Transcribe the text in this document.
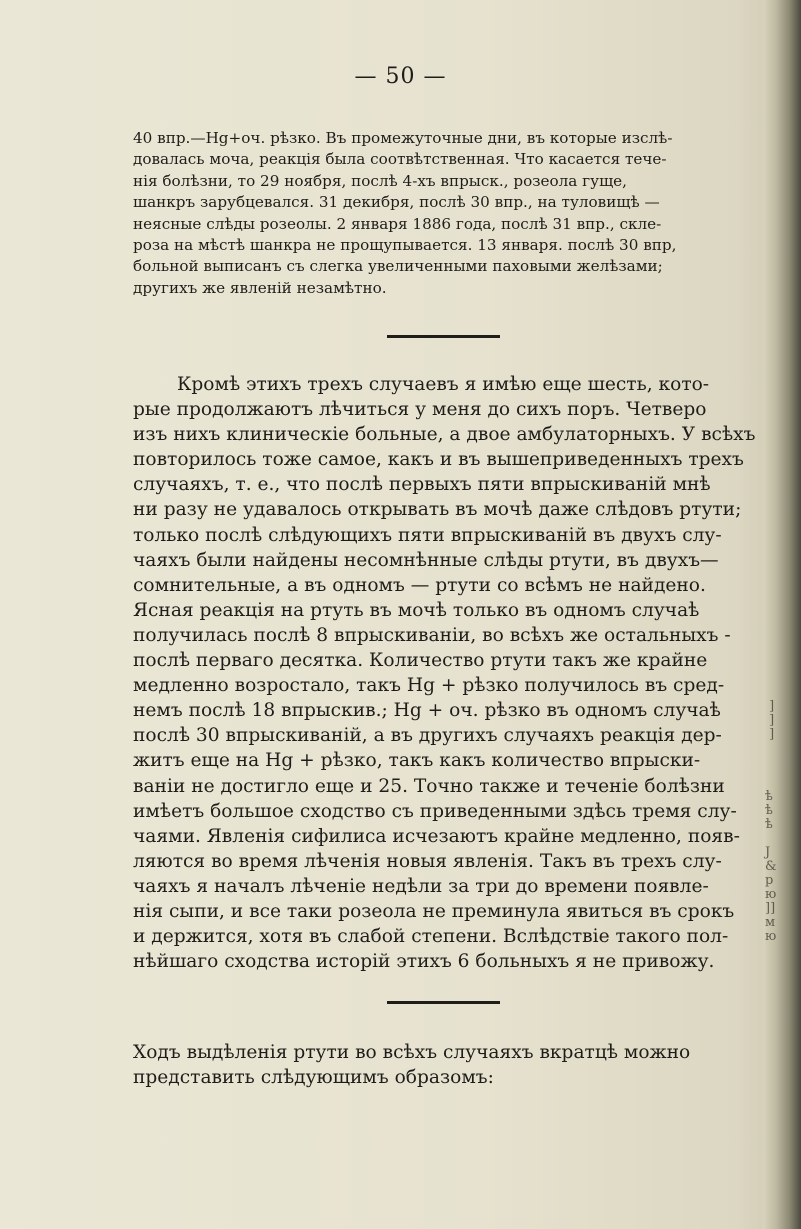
]
]
]
ѣ
ѣ
ѣ

Ј
&
р
ю
]]
м
ю
— 50 —
40 впр.—Hg+оч. рѣзко. Въ промежуточные дни, въ которые изслѣ-
довалась моча, реакція была соотвѣтственная. Что касается тече-
нія болѣзни, то 29 ноября, послѣ 4-хъ впрыск., розеола гуще,
шанкръ зарубцевался. 31 декибря, послѣ 30 впр., на туловищѣ —
неясные слѣды розеолы. 2 января 1886 года, послѣ 31 впр., скле-
роза на мѣстѣ шанкра не прощупывается. 13 января. послѣ 30 впр,
больной выписанъ съ слегка увеличенными паховыми желѣзами;
другихъ же явленій незамѣтно.
Кромѣ этихъ трехъ случаевъ я имѣю еще шесть, кото-
рые продолжаютъ лѣчиться у меня до сихъ поръ. Четверо
изъ нихъ клиническіе больные, а двое амбулаторныхъ. У всѣхъ
повторилось тоже самое, какъ и въ вышеприведенныхъ трехъ
случаяхъ, т. е., что послѣ первыхъ пяти впрыскиваній мнѣ
ни разу не удавалось открывать въ мочѣ даже слѣдовъ ртути;
только послѣ слѣдующихъ пяти впрыскиваній въ двухъ слу-
чаяхъ были найдены несомнѣнные слѣды ртути, въ двухъ—
сомнительные, а въ одномъ — ртути со всѣмъ не найдено.
Ясная реакція на ртуть въ мочѣ только въ одномъ случаѣ
получилась послѣ 8 впрыскиваніи, во всѣхъ же остальныхъ -
послѣ перваго десятка. Количество ртути такъ же крайне
медленно возростало, такъ Hg + рѣзко получилось въ сред-
немъ послѣ 18 впрыскив.; Hg + оч. рѣзко въ одномъ случаѣ
послѣ 30 впрыскиваній, а въ другихъ случаяхъ реакція дер-
житъ еще на Hg + рѣзко, такъ какъ количество впрыски-
ваніи не достигло еще и 25. Точно также и теченіе болѣзни
имѣетъ большое сходство съ приведенными здѣсь тремя слу-
чаями. Явленія сифилиса исчезаютъ крайне медленно, появ-
ляются во время лѣченія новыя явленія. Такъ въ трехъ слу-
чаяхъ я началъ лѣченіе недѣли за три до времени появле-
нія сыпи, и все таки розеола не преминула явиться въ срокъ
и держится, хотя въ слабой степени. Вслѣдствіе такого пол-
нѣйшаго сходства исторій этихъ 6 больныхъ я не привожу.
Ходъ выдѣленія ртути во всѣхъ случаяхъ вкратцѣ можно
представить слѣдующимъ образомъ:
